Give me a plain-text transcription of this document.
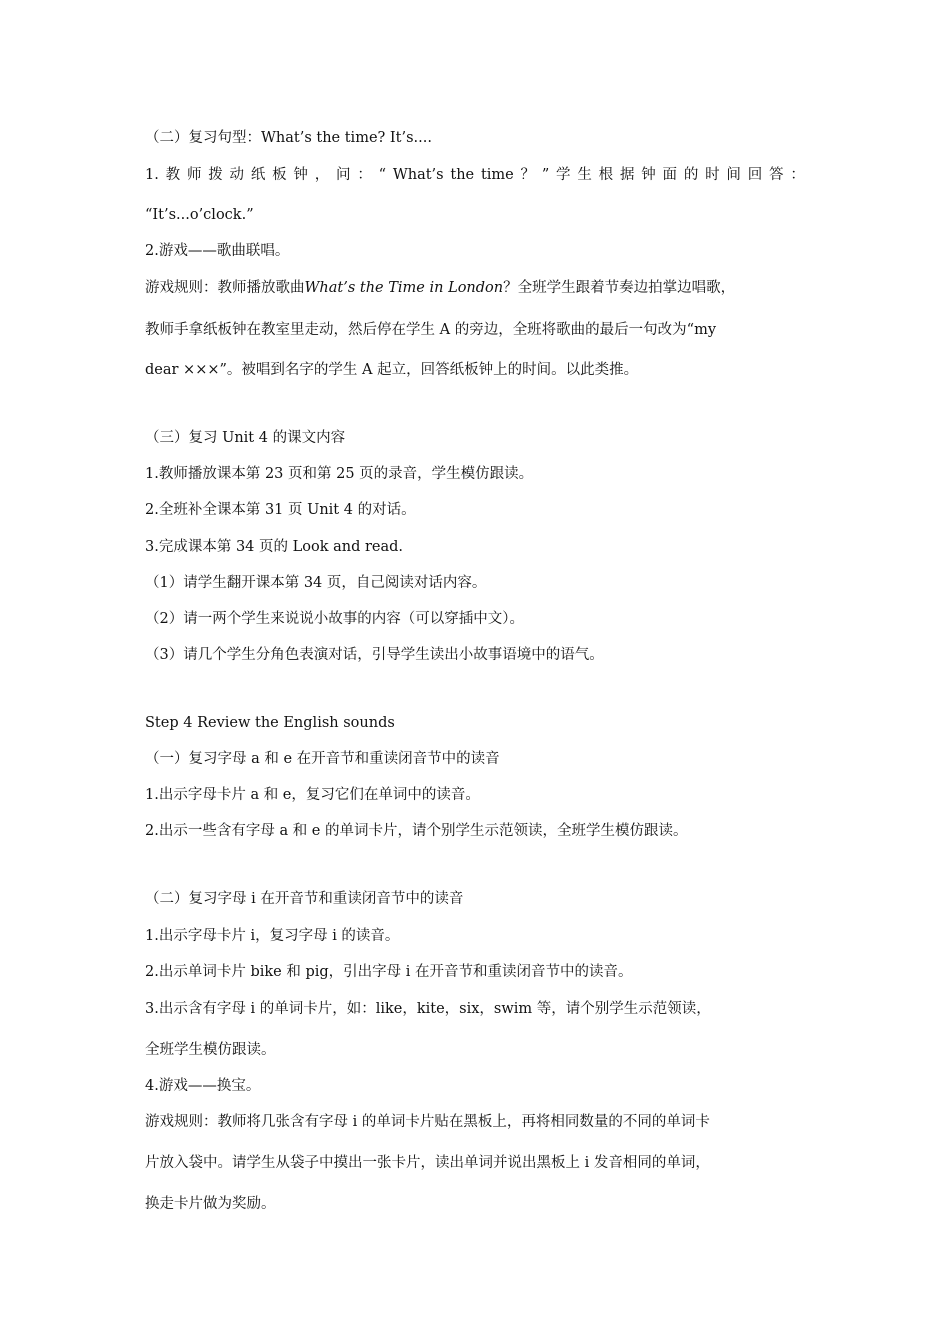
（二）复习句型：What’s the time? It’s....
1. 教 师 拨 动 纸 板 钟 ， 问 ： “ What’s the time ？ ” 学 生 根 据 钟 面 的 时 间 回 答 ：
“It’s...o’clock.”
2.游戏——歌曲联唱。
游戏规则：教师播放歌曲What’s the Time in London？全班学生跟着节奏边拍掌边唱歌，
教师手拿纸板钟在教室里走动，然后停在学生 A 的旁边，全班将歌曲的最后一句改为“my
dear ×××”。被唱到名字的学生 A 起立，回答纸板钟上的时间。以此类推。
（三）复习 Unit 4 的课文内容
1.教师播放课本第 23 页和第 25 页的录音，学生模仿跟读。
2.全班补全课本第 31 页 Unit 4 的对话。
3.完成课本第 34 页的 Look and read.
（1）请学生翻开课本第 34 页，自己阅读对话内容。
（2）请一两个学生来说说小故事的内容（可以穿插中文）。
（3）请几个学生分角色表演对话，引导学生读出小故事语境中的语气。
Step 4 Review the English sounds
（一）复习字母 a 和 e 在开音节和重读闭音节中的读音
1.出示字母卡片 a 和 e，复习它们在单词中的读音。
2.出示一些含有字母 a 和 e 的单词卡片，请个别学生示范领读，全班学生模仿跟读。
（二）复习字母 i 在开音节和重读闭音节中的读音
1.出示字母卡片 i，复习字母 i 的读音。
2.出示单词卡片 bike 和 pig，引出字母 i 在开音节和重读闭音节中的读音。
3.出示含有字母 i 的单词卡片，如：like，kite，six，swim 等，请个别学生示范领读，
全班学生模仿跟读。
4.游戏——换宝。
游戏规则：教师将几张含有字母 i 的单词卡片贴在黑板上，再将相同数量的不同的单词卡
片放入袋中。请学生从袋子中摸出一张卡片，读出单词并说出黑板上 i 发音相同的单词，
换走卡片做为奖励。
